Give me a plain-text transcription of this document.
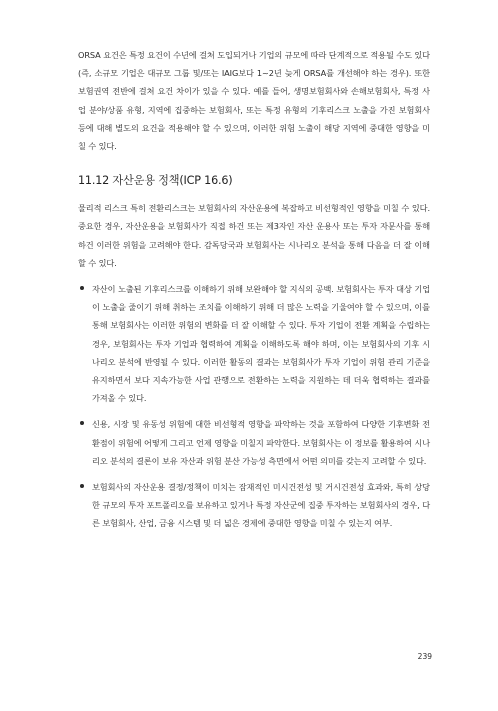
ORSA 요건은 특정 요건이 수년에 걸쳐 도입되거나 기업의 규모에 따라 단계적으로 적용될 수도 있다(즉, 소규모 기업은 대규모 그룹 및/또는 IAIG보다 1~2년 늦게 ORSA를 개선해야 하는 경우). 또한 보험권역 전반에 걸쳐 요건 차이가 있을 수 있다. 예를 들어, 생명보험회사와 손해보험회사, 특정 사업 분야/상품 유형, 지역에 집중하는 보험회사, 또는 특정 유형의 기후리스크 노출을 가진 보험회사 등에 대해 별도의 요건을 적용해야 할 수 있으며, 이러한 위험 노출이 해당 지역에 중대한 영향을 미칠 수 있다.

11.12 자산운용 정책(ICP 16.6)

물리적 리스크 특히 전환리스크는 보험회사의 자산운용에 복잡하고 비선형적인 영향을 미칠 수 있다. 중요한 경우, 자산운용을 보험회사가 직접 하건 또는 제3자인 자산 운용사 또는 투자 자문사를 통해 하건 이러한 위험을 고려해야 한다. 감독당국과 보험회사는 시나리오 분석을 통해 다음을 더 잘 이해할 수 있다.

자산이 노출된 기후리스크를 이해하기 위해 보완해야 할 지식의 공백. 보험회사는 투자 대상 기업이 노출을 줄이기 위해 취하는 조치를 이해하기 위해 더 많은 노력을 기울여야 할 수 있으며, 이를 통해 보험회사는 이러한 위험의 변화를 더 잘 이해할 수 있다. 투자 기업이 전환 계획을 수립하는 경우, 보험회사는 투자 기업과 협력하여 계획을 이해하도록 해야 하며, 이는 보험회사의 기후 시나리오 분석에 반영될 수 있다. 이러한 활동의 결과는 보험회사가 투자 기업이 위험 관리 기준을 유지하면서 보다 지속가능한 사업 관행으로 전환하는 노력을 지원하는 데 더욱 협력하는 결과를 가져올 수 있다.

신용, 시장 및 유동성 위험에 대한 비선형적 영향을 파악하는 것을 포함하여 다양한 기후변화 전환점이 위험에 어떻게 그리고 언제 영향을 미칠지 파악한다. 보험회사는 이 정보를 활용하여 시나리오 분석의 결론이 보유 자산과 위험 분산 가능성 측면에서 어떤 의미를 갖는지 고려할 수 있다.

보험회사의 자산운용 결정/정책이 미치는 잠재적인 미시건전성 및 거시건전성 효과와, 특히 상당한 규모의 투자 포트폴리오를 보유하고 있거나 특정 자산군에 집중 투자하는 보험회사의 경우, 다른 보험회사, 산업, 금융 시스템 및 더 넓은 경제에 중대한 영향을 미칠 수 있는지 여부.

239
